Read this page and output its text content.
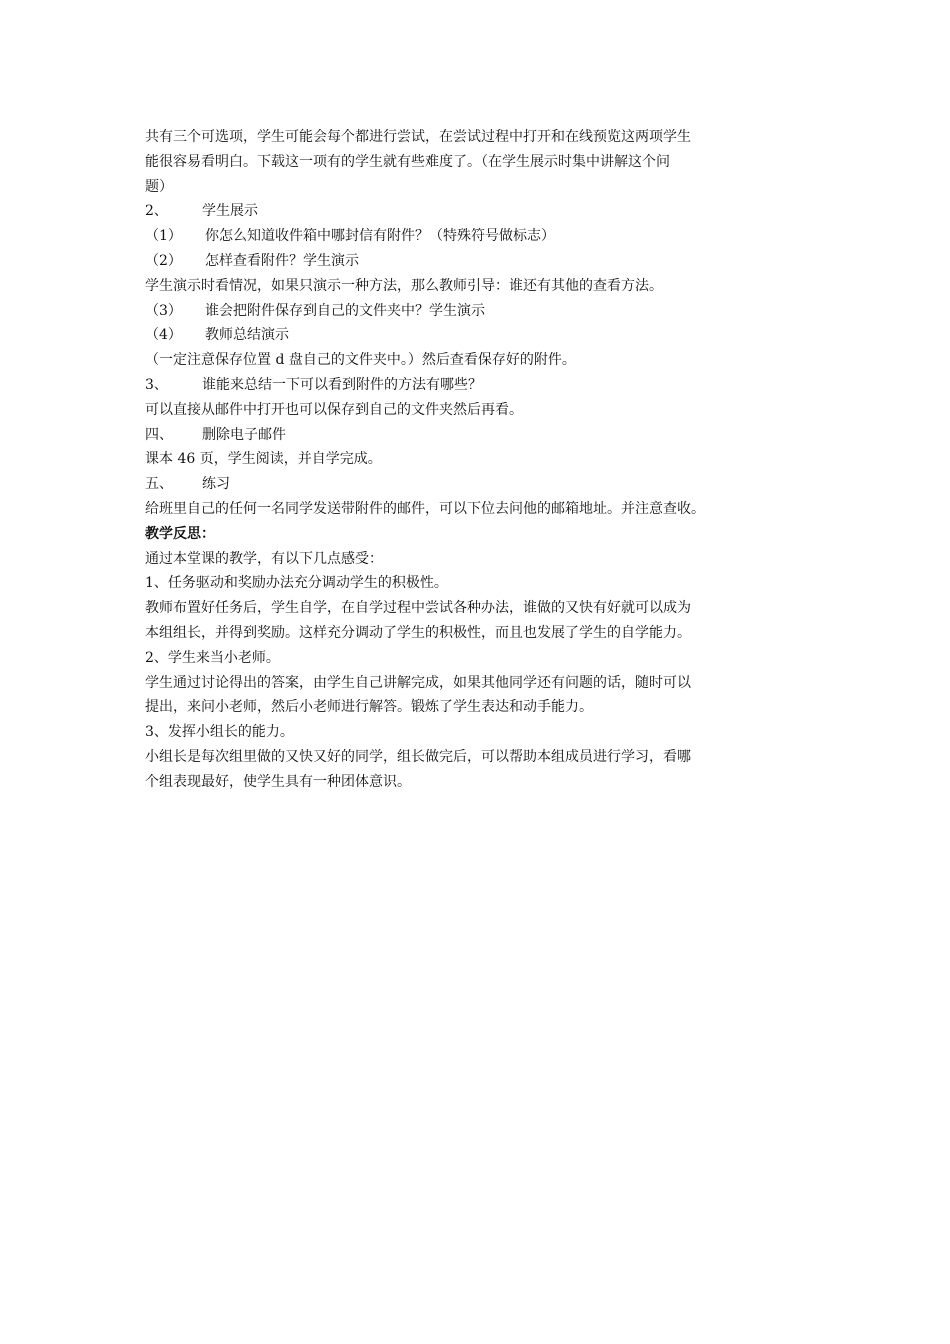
共有三个可选项，学生可能会每个都进行尝试，在尝试过程中打开和在线预览这两项学生
能很容易看明白。下载这一项有的学生就有些难度了。（在学生展示时集中讲解这个问
题）
2、 学生展示
（1） 你怎么知道收件箱中哪封信有附件？（特殊符号做标志）
（2） 怎样查看附件？学生演示
学生演示时看情况，如果只演示一种方法，那么教师引导：谁还有其他的查看方法。
（3） 谁会把附件保存到自己的文件夹中？学生演示
（4） 教师总结演示
（一定注意保存位置 d 盘自己的文件夹中。）然后查看保存好的附件。
3、 谁能来总结一下可以看到附件的方法有哪些？
可以直接从邮件中打开也可以保存到自己的文件夹然后再看。
四、 删除电子邮件
课本 46 页，学生阅读，并自学完成。
五、 练习
给班里自己的任何一名同学发送带附件的邮件，可以下位去问他的邮箱地址。并注意查收。
教学反思：
通过本堂课的教学，有以下几点感受：
1、任务驱动和奖励办法充分调动学生的积极性。
教师布置好任务后，学生自学，在自学过程中尝试各种办法，谁做的又快有好就可以成为
本组组长，并得到奖励。这样充分调动了学生的积极性，而且也发展了学生的自学能力。
2、学生来当小老师。
学生通过讨论得出的答案，由学生自己讲解完成，如果其他同学还有问题的话，随时可以
提出，来问小老师，然后小老师进行解答。锻炼了学生表达和动手能力。
3、发挥小组长的能力。
小组长是每次组里做的又快又好的同学，组长做完后，可以帮助本组成员进行学习，看哪
个组表现最好，使学生具有一种团体意识。
